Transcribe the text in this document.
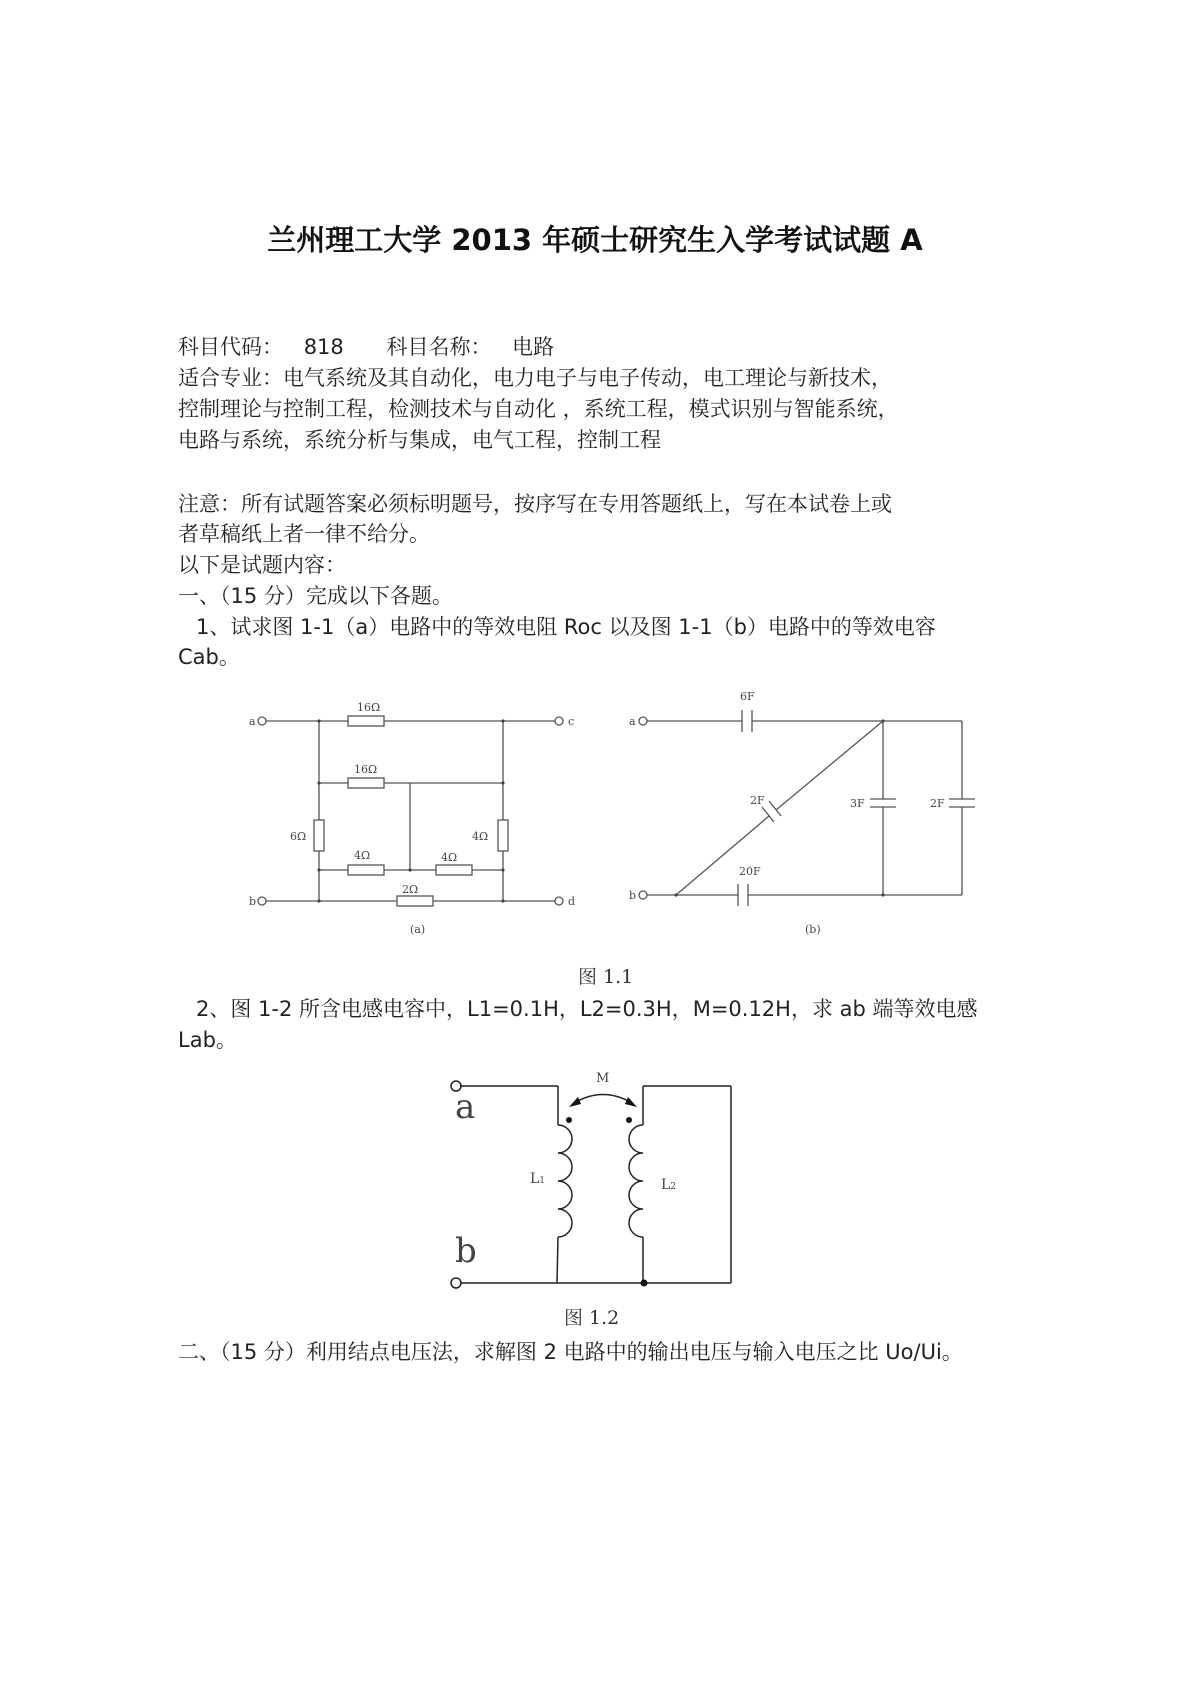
兰州理工大学 2013 年硕士研究生入学考试试题 A
科目代码： 818 科目名称： 电路
适合专业：电气系统及其自动化，电力电子与电子传动，电工理论与新技术，
控制理论与控制工程，检测技术与自动化 ，系统工程，模式识别与智能系统，
电路与系统，系统分析与集成，电气工程，控制工程
注意：所有试题答案必须标明题号，按序写在专用答题纸上，写在本试卷上或
者草稿纸上者一律不给分。
以下是试题内容：
一、（15 分）完成以下各题。
1、试求图 1-1（a）电路中的等效电阻 Roc 以及图 1-1（b）电路中的等效电容
Cab。
a
b
c
d
16Ω
16Ω
6Ω	4Ω
4Ω	4Ω
2Ω
(a)
a
b
6F
2F	3F	2F
20F
(b)
a
b
M
L1	L2
图 1.1
2、图 1-2 所含电感电容中，L1=0.1H，L2=0.3H，M=0.12H，求 ab 端等效电感
Lab。
图 1.2
二、（15 分）利用结点电压法，求解图 2 电路中的输出电压与输入电压之比 Uo/Ui。
